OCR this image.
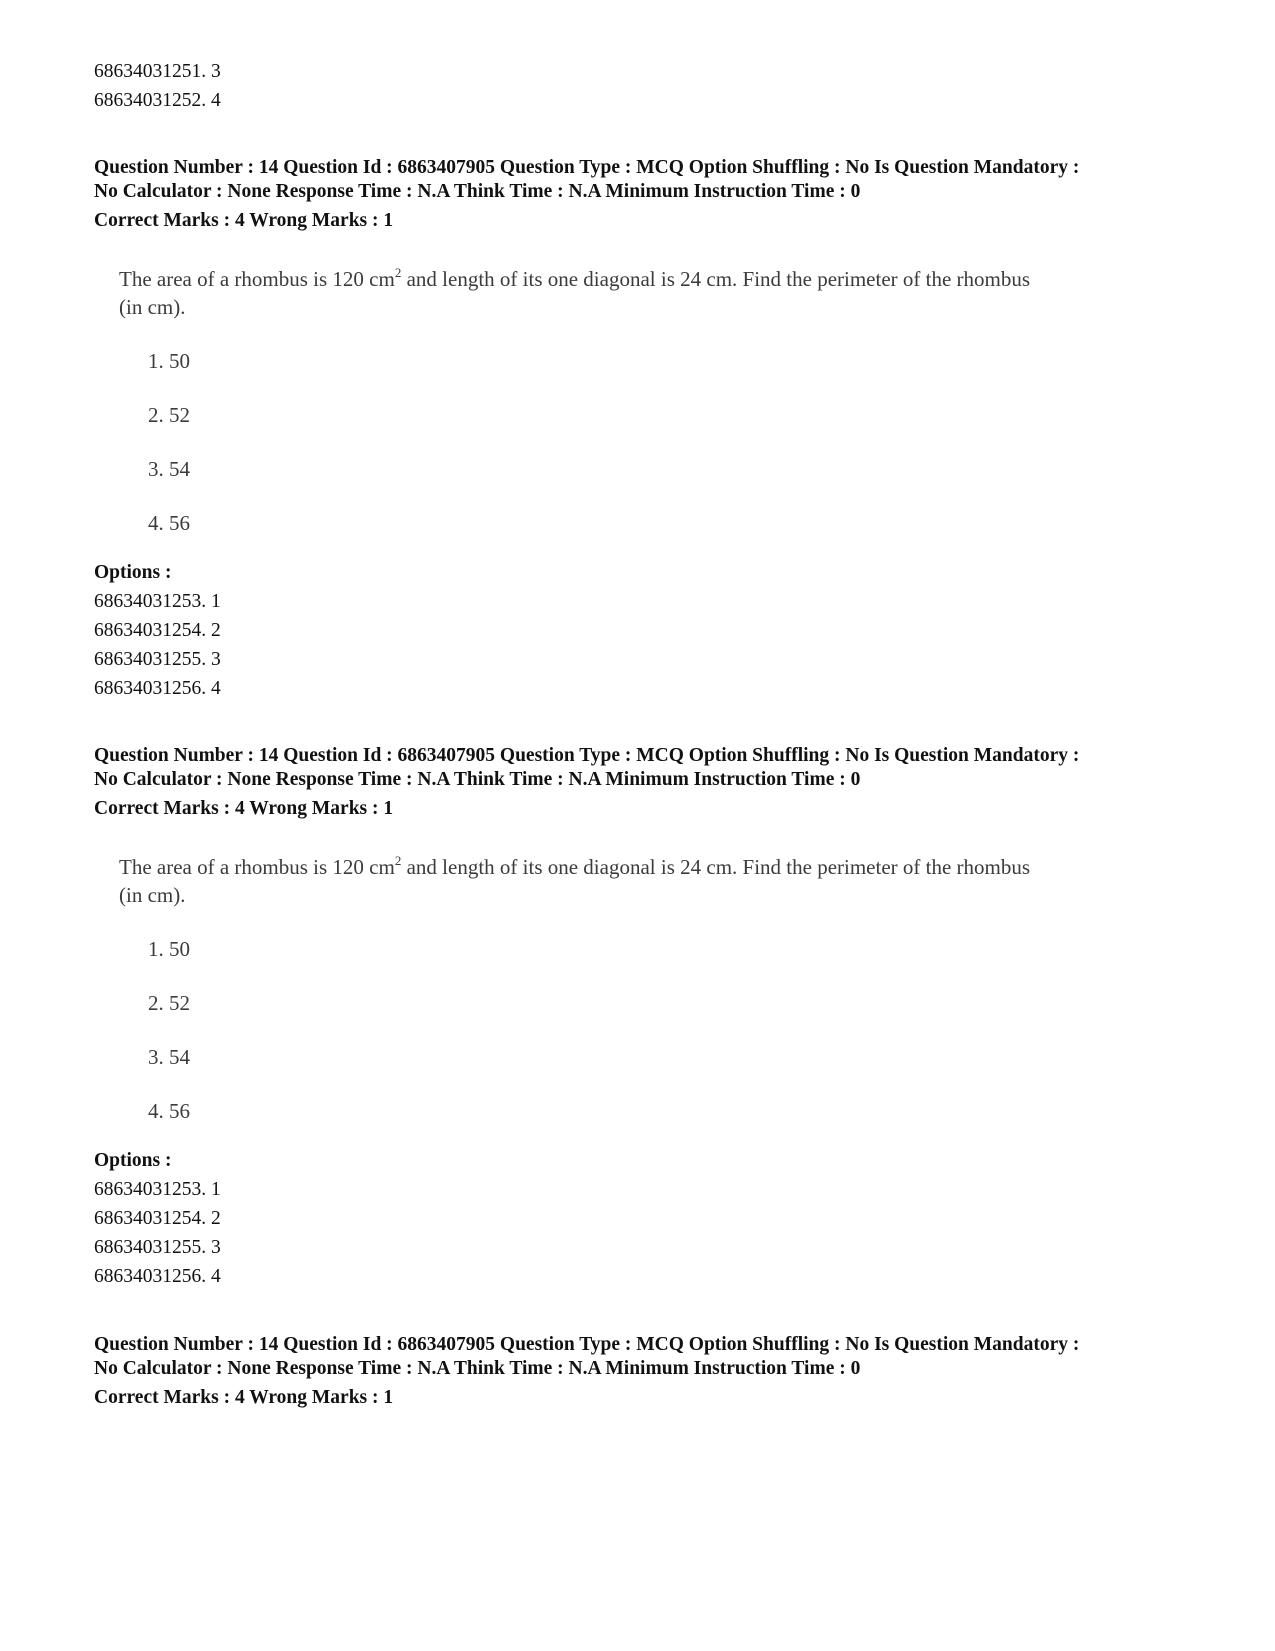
68634031251. 3
68634031252. 4
Question Number : 14 Question Id : 6863407905 Question Type : MCQ Option Shuffling : No Is Question Mandatory :
No Calculator : None Response Time : N.A Think Time : N.A Minimum Instruction Time : 0
Correct Marks : 4 Wrong Marks : 1
The area of a rhombus is 120 $cm^2$ and length of its one diagonal is 24 cm. Find the perimeter of the rhombus
(in cm).
1. 50
2. 52
3. 54
4. 56
Options :
68634031253. 1
68634031254. 2
68634031255. 3
68634031256. 4
Question Number : 14 Question Id : 6863407905 Question Type : MCQ Option Shuffling : No Is Question Mandatory :
No Calculator : None Response Time : N.A Think Time : N.A Minimum Instruction Time : 0
Correct Marks : 4 Wrong Marks : 1
The area of a rhombus is 120 $cm^2$ and length of its one diagonal is 24 cm. Find the perimeter of the rhombus
(in cm).
1. 50
2. 52
3. 54
4. 56
Options :
68634031253. 1
68634031254. 2
68634031255. 3
68634031256. 4
Question Number : 14 Question Id : 6863407905 Question Type : MCQ Option Shuffling : No Is Question Mandatory :
No Calculator : None Response Time : N.A Think Time : N.A Minimum Instruction Time : 0
Correct Marks : 4 Wrong Marks : 1
